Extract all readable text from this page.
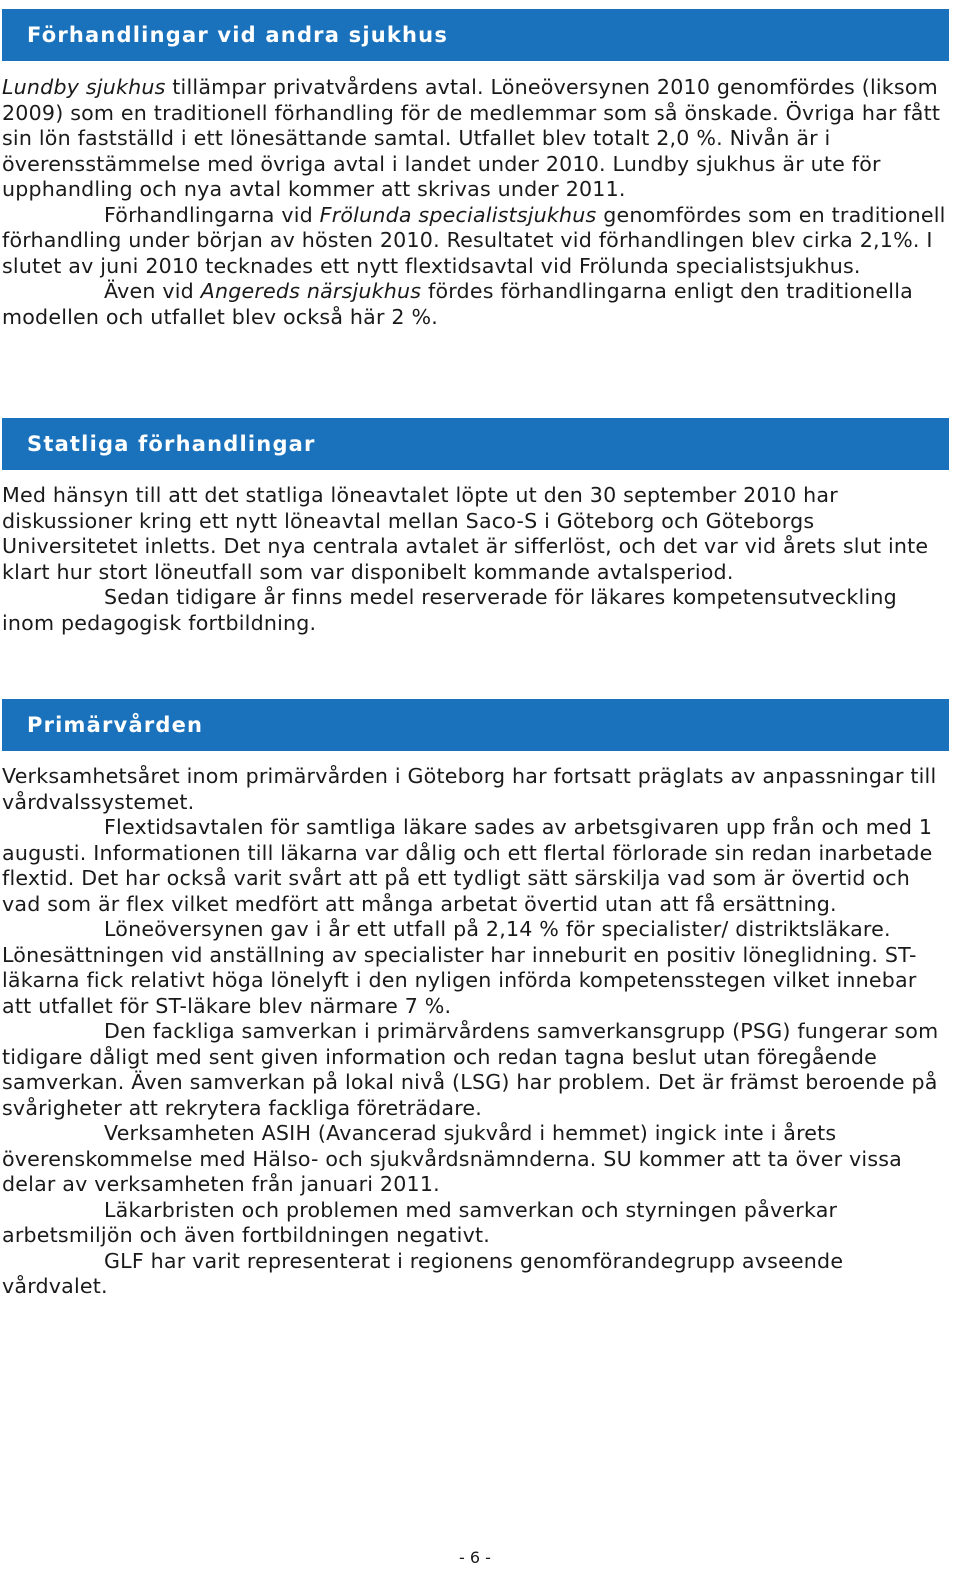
Förhandlingar vid andra sjukhus

Lundby sjukhus tillämpar privatvårdens avtal. Löneöversynen 2010 genomfördes (liksom 2009) som en traditionell förhandling för de medlemmar som så önskade. Övriga har fått sin lön fastställd i ett lönesättande samtal. Utfallet blev totalt 2,0 %. Nivån är i överensstämmelse med övriga avtal i landet under 2010. Lundby sjukhus är ute för upphandling och nya avtal kommer att skrivas under 2011.

Förhandlingarna vid Frölunda specialistsjukhus genomfördes som en traditionell förhandling under början av hösten 2010. Resultatet vid förhandlingen blev cirka 2,1%. I slutet av juni 2010 tecknades ett nytt flextidsavtal vid Frölunda specialistsjukhus.

Även vid Angereds närsjukhus fördes förhandlingarna enligt den traditionella modellen och utfallet blev också här 2 %.

Statliga förhandlingar

Med hänsyn till att det statliga löneavtalet löpte ut den 30 september 2010 har diskussioner kring ett nytt löneavtal mellan Saco-S i Göteborg och Göteborgs Universitetet inletts. Det nya centrala avtalet är sifferlöst, och det var vid årets slut inte klart hur stort löneutfall som var disponibelt kommande avtalsperiod.

Sedan tidigare år finns medel reserverade för läkares kompetensutveckling inom pedagogisk fortbildning.

Primärvården

Verksamhetsåret inom primärvården i Göteborg har fortsatt präglats av anpassningar till vårdvalssystemet.

Flextidsavtalen för samtliga läkare sades av arbetsgivaren upp från och med 1 augusti. Informationen till läkarna var dålig och ett flertal förlorade sin redan inarbetade flextid. Det har också varit svårt att på ett tydligt sätt särskilja vad som är övertid och vad som är flex vilket medfört att många arbetat övertid utan att få ersättning.

Löneöversynen gav i år ett utfall på 2,14 % för specialister/ distriktsläkare. Lönesättningen vid anställning av specialister har inneburit en positiv löneglidning. ST-läkarna fick relativt höga lönelyft i den nyligen införda kompetensstegen vilket innebar att utfallet för ST-läkare blev närmare 7 %.

Den fackliga samverkan i primärvårdens samverkansgrupp (PSG) fungerar som tidigare dåligt med sent given information och redan tagna beslut utan föregående samverkan. Även samverkan på lokal nivå (LSG) har problem. Det är främst beroende på svårigheter att rekrytera fackliga företrädare.

Verksamheten ASIH (Avancerad sjukvård i hemmet) ingick inte i årets överenskommelse med Hälso- och sjukvårdsnämnderna. SU kommer att ta över vissa delar av verksamheten från januari 2011.

Läkarbristen och problemen med samverkan och styrningen påverkar arbetsmiljön och även fortbildningen negativt.

GLF har varit representerat i regionens genomförandegrupp avseende vårdvalet.

- 6 -
